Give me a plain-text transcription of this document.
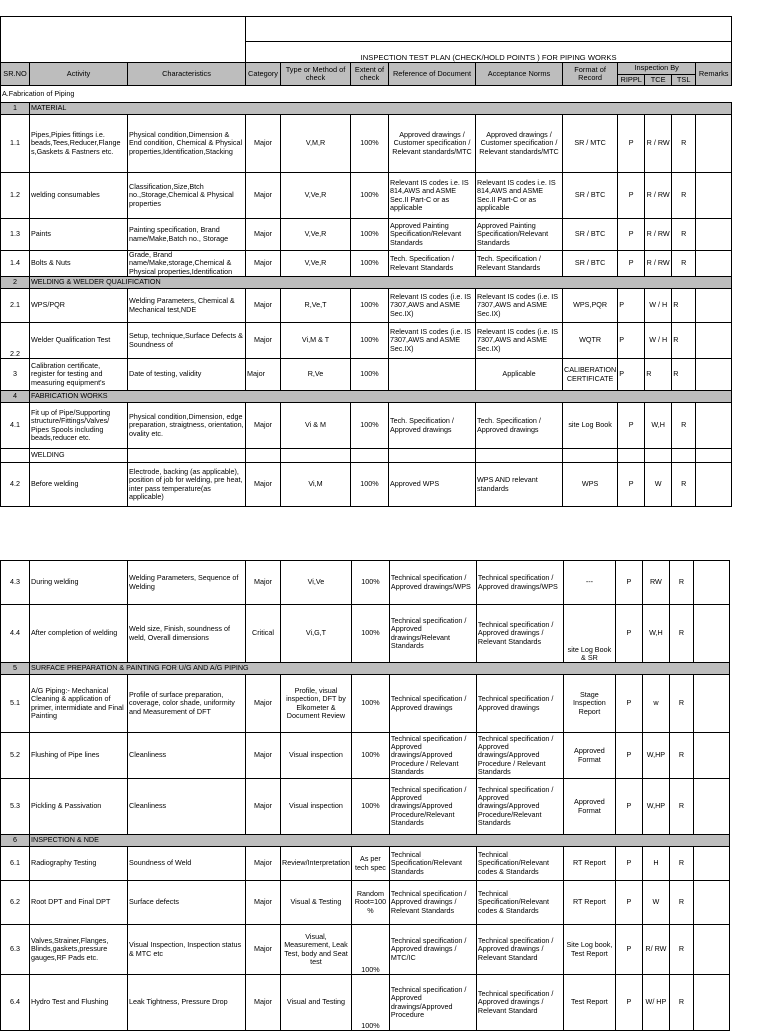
			INSPECTION TEST PLAN (CHECK/HOLD POINTS ) FOR PIPING WORKS									
SR.NO	Activity	Characteristics	Category	Type or Method of check	Extent of check	Reference of Document	Acceptance Norms	Format of Record	Inspection By			Remarks
									RIPPL	TCE	TSL	
A.Fabrication of Piping												
1	MATERIAL											
1.1	Pipes,Pipies fittings i.e. beads,Tees,Reducer,Flange s,Gaskets & Fastners etc.	Physical condition,Dimension & End condition, Chemical & Physical properties,Identification,Stacking	Major	V,M,R	100%	Approved drawings / Customer specification / Relevant standards/MTC	Approved drawings / Customer specification / Relevant standards/MTC	SR / MTC	P	R / RW	R	
1.2	welding consumables	Classification,Size,Btch no.,Storage,Chemical & Physical properties	Major	V,Ve,R	100%	Relevant IS codes i.e. IS 814,AWS and ASME Sec.II Part-C or as applicable	Relevant IS codes i.e. IS 814,AWS and ASME Sec.II Part-C or as applicable	SR / BTC	P	R / RW	R	
1.3	Paints	Painting specification, Brand name/Make,Batch no., Storage	Major	V,Ve,R	100%	Approved Painting Specification/Relevant Standards	Approved Painting Specification/Relevant Standards	SR / BTC	P	R / RW	R	
1.4	Bolts & Nuts	Grade, Brand name/Make,storage,Chemical & Physical properties,Identification	Major	V,Ve,R	100%	Tech. Specification / Relevant Standards	Tech. Specification / Relevant Standards	SR / BTC	P	R / RW	R	
2	WELDING & WELDER QUALIFICATION											
2.1	WPS/PQR	Welding Parameters, Chemical & Mechanical test,NDE	Major	R,Ve,T	100%	Relevant IS codes (i.e. IS 7307,AWS and ASME Sec.IX)	Relevant IS codes (i.e. IS 7307,AWS and ASME Sec.IX)	WPS,PQR	P	W / H	R	
2.2	Welder Qualification Test	Setup, technique,Surface Defects & Soundness of	Major	Vi,M & T	100%	Relevant IS codes (i.e. IS 7307,AWS and ASME Sec.IX)	Relevant IS codes (i.e. IS 7307,AWS and ASME Sec.IX)	WQTR	P	W / H	R	
3	Calibration certificate, register for testing and measuring equipment's	Date of testing, validity	Major	R,Ve	100%		Applicable	CALIBERATION CERTIFICATE	P	R	R	
4	FABRICATION WORKS											
4.1	Fit up of Pipe/Supporting structure/Fittings/Valves/ Pipes Spools including beads,reducer etc.	Physical condition,Dimension, edge preparation, straigtness, orientation, ovality etc.	Major	Vi & M	100%	Tech. Specification / Approved drawings	Tech. Specification / Approved drawings	site Log Book	P	W,H	R	
	WELDING											
4.2	Before welding	Electrode, backing (as applicable), position of job for welding, pre heat, inter pass temperature(as applicable)	Major	Vi,M	100%	Approved WPS	WPS AND relevant standards	WPS	P	W	R	
4.3	During welding	Welding Parameters, Sequence of Welding	Major	Vi,Ve	100%	Technical specification / Approved drawings/WPS	Technical specification / Approved drawings/WPS	---	P	RW	R	
4.4	After completion of welding	Weld size, Finish, soundness of weld, Overall dimensions	Critical	Vi,G,T	100%	Technical specification / Approved drawings/Relevant Standards	Technical specification / Approved drawings / Relevant Standards	site Log Book & SR	P	W,H	R	
5	SURFACE PREPARATION & PAINTING FOR U/G AND A/G PIPING											
5.1	A/G Piping:- Mechanical Cleaning & application of primer, intermidiate and Final Painting	Profile of surface preparation, coverage, color shade, uniformity and Measurement of DFT	Major	Profile, visual inspection, DFT by Elkometer & Document Review	100%	Technical specification / Approved drawings	Technical specification / Approved drawings	Stage Inspection Report	P	w	R	
5.2	Flushing of Pipe lines	Cleanliness	Major	Visual inspection	100%	Technical specification / Approved drawings/Approved Procedure / Relevant Standards	Technical specification / Approved drawings/Approved Procedure / Relevant Standards	Approved Format	P	W,HP	R	
5.3	Pickling & Passivation	Cleanliness	Major	Visual inspection	100%	Technical specification / Approved drawings/Approved Procedure/Relevant Standards	Technical specification / Approved drawings/Approved Procedure/Relevant Standards	Approved Format	P	W,HP	R	
6	INSPECTION & NDE											
6.1	Radiography Testing	Soundness of Weld	Major	Review/Interpretation	As per tech spec	Technical Specification/Relevant Standards	Technical Specification/Relevant codes & Standards	RT Report	P	H	R	
6.2	Root DPT and Final DPT	Surface defects	Major	Visual & Testing	Random Root=100 %	Technical specification / Approved drawings / Relevant Standards	Technical Specification/Relevant codes & Standards	RT Report	P	W	R	
6.3	Valves,Strainer,Flanges, Blinds,gaskets,pressure gauges,RF Pads etc.	Visual Inspection, Inspection status & MTC etc	Major	Visual, Measurement, Leak Test, body and Seat test	100%	Technical specification / Approved drawings / MTC/IC	Technical specification / Approved drawings / Relevant Standard	Site Log book, Test Report	P	R/ RW	R	
6.4	Hydro Test and Flushing	Leak Tightness, Pressure Drop	Major	Visual and Testing	100%	Technical specification / Approved drawings/Approved Procedure	Technical specification / Approved drawings / Relevant Standard	Test Report	P	W/ HP	R	
